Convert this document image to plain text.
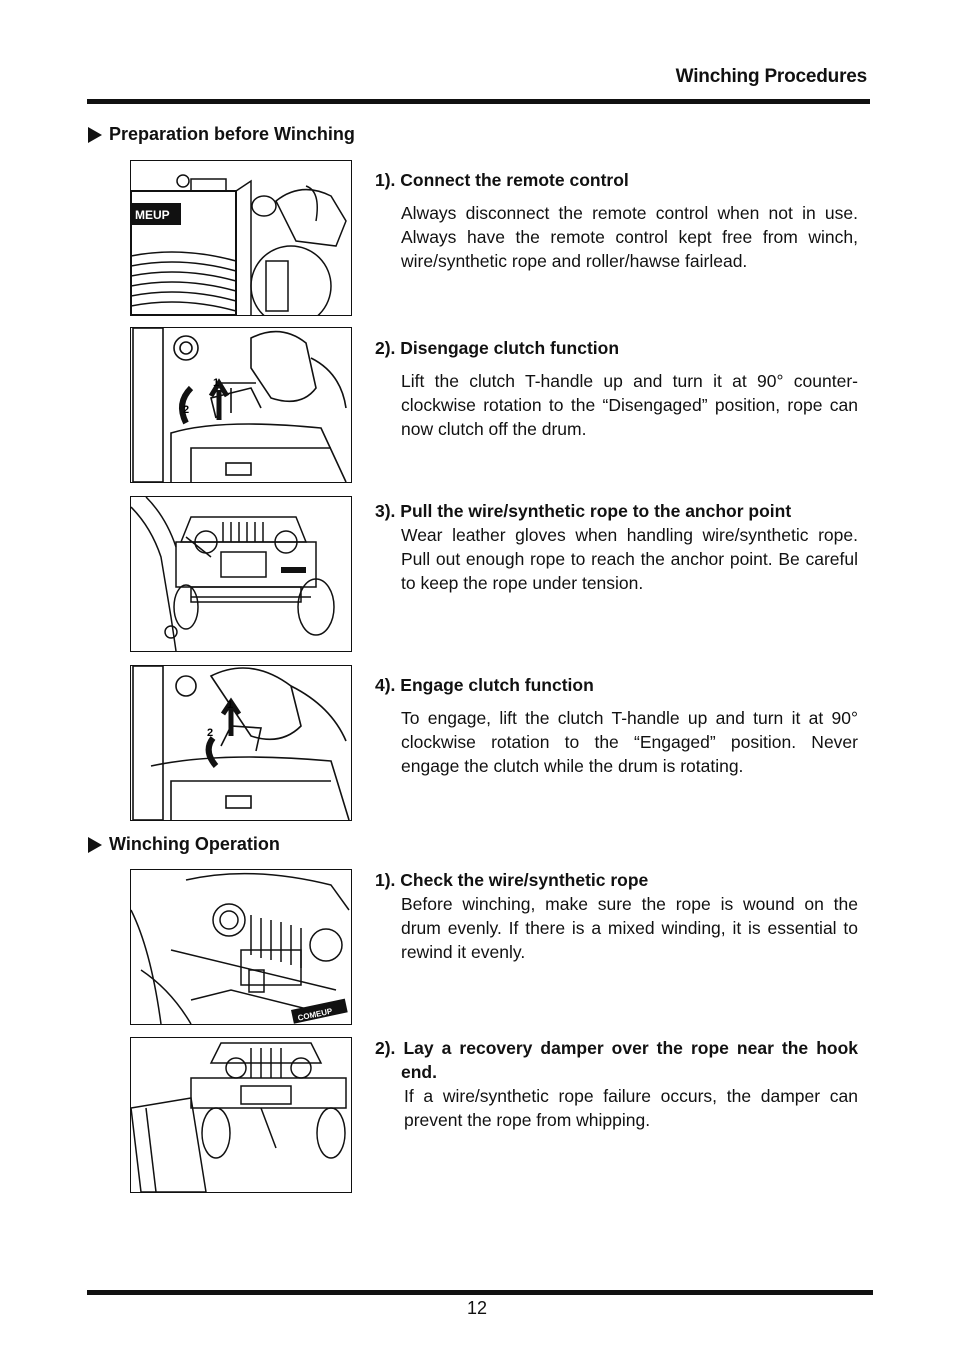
Winching Procedures
Preparation before Winching
MEUP
1). Connect the remote control

Always disconnect the remote control when not in use. Always have the remote control kept free from winch, wire/synthetic rope and roller/hawse fairlead.

2
1
2). Disengage clutch function

Lift the clutch T-handle up and turn it at 90° counter-clockwise rotation to the “Disengaged” position, rope can now clutch off the drum.

3). Pull the wire/synthetic rope to the anchor point

Wear leather gloves when handling wire/synthetic rope. Pull out enough rope to reach the anchor point. Be careful to keep the rope under tension.

2
1
4). Engage clutch function

To engage, lift the clutch T-handle up and turn it at 90° clockwise rotation to the “Engaged” position. Never engage the clutch while the drum is rotating.

Winching Operation
COMEUP
1). Check the wire/synthetic rope

Before winching, make sure the rope is wound on the drum evenly. If there is a mixed winding, it is essential to rewind it evenly.

2). Lay a recovery damper over the rope near the hook end.

If a wire/synthetic rope failure occurs, the damper can prevent the rope from whipping.

12
